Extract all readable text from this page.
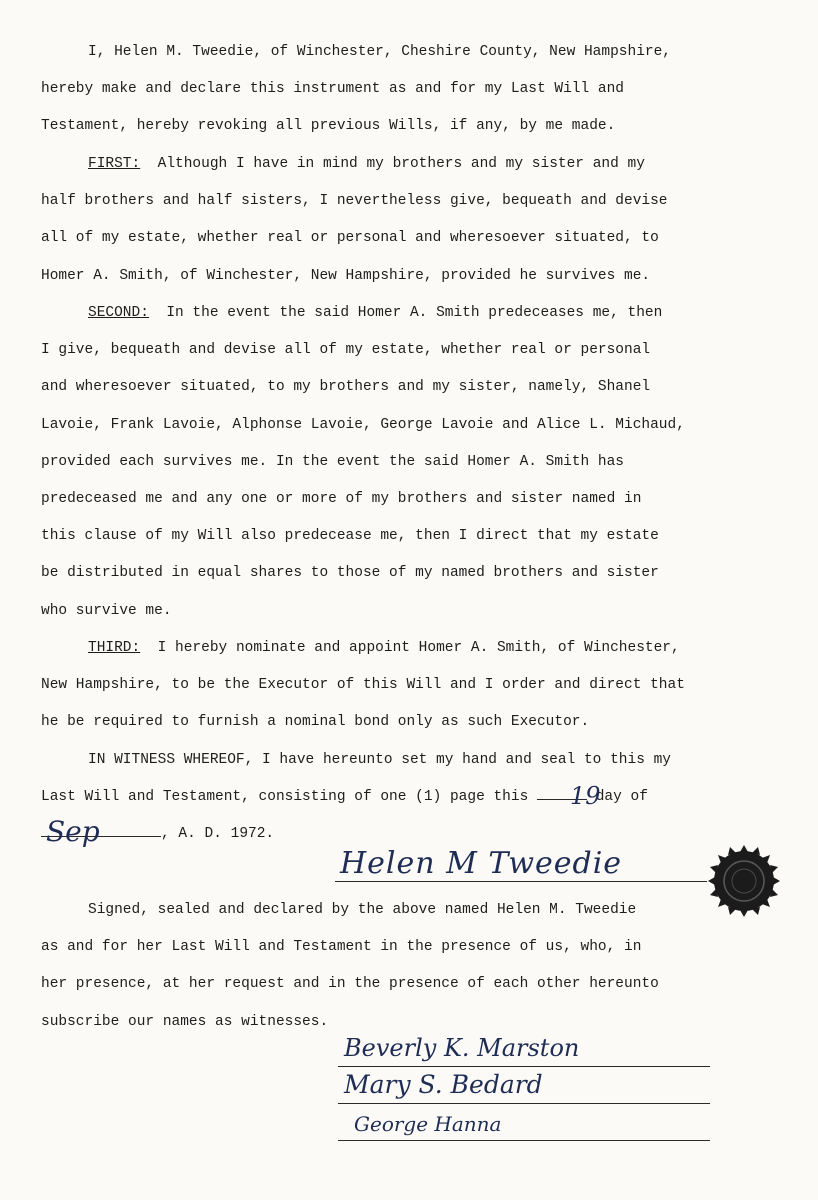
I, Helen M. Tweedie, of Winchester, Cheshire County, New Hampshire,
hereby make and declare this instrument as and for my Last Will and
Testament, hereby revoking all previous Wills, if any, by me made.

FIRST: Although I have in mind my brothers and my sister and my
half brothers and half sisters, I nevertheless give, bequeath and devise
all of my estate, whether real or personal and wheresoever situated, to
Homer A. Smith, of Winchester, New Hampshire, provided he survives me.

SECOND: In the event the said Homer A. Smith predeceases me, then
I give, bequeath and devise all of my estate, whether real or personal
and wheresoever situated, to my brothers and my sister, namely, Shanel
Lavoie, Frank Lavoie, Alphonse Lavoie, George Lavoie and Alice L. Michaud,
provided each survives me. In the event the said Homer A. Smith has
predeceased me and any one or more of my brothers and sister named in
this clause of my Will also predecease me, then I direct that my estate
be distributed in equal shares to those of my named brothers and sister
who survive me.

THIRD: I hereby nominate and appoint Homer A. Smith, of Winchester,
New Hampshire, to be the Executor of this Will and I order and direct that
he be required to furnish a nominal bond only as such Executor.

IN WITNESS WHEREOF, I have hereunto set my hand and seal to this my
Last Will and Testament, consisting of one (1) page this	day of
, A. D. 1972.

19
Sep
Helen M Tweedie

Signed, sealed and declared by the above named Helen M. Tweedie
as and for her Last Will and Testament in the presence of us, who, in
her presence, at her request and in the presence of each other hereunto
subscribe our names as witnesses.

Beverly K. Marston
Mary S. Bedard
George Hanna
